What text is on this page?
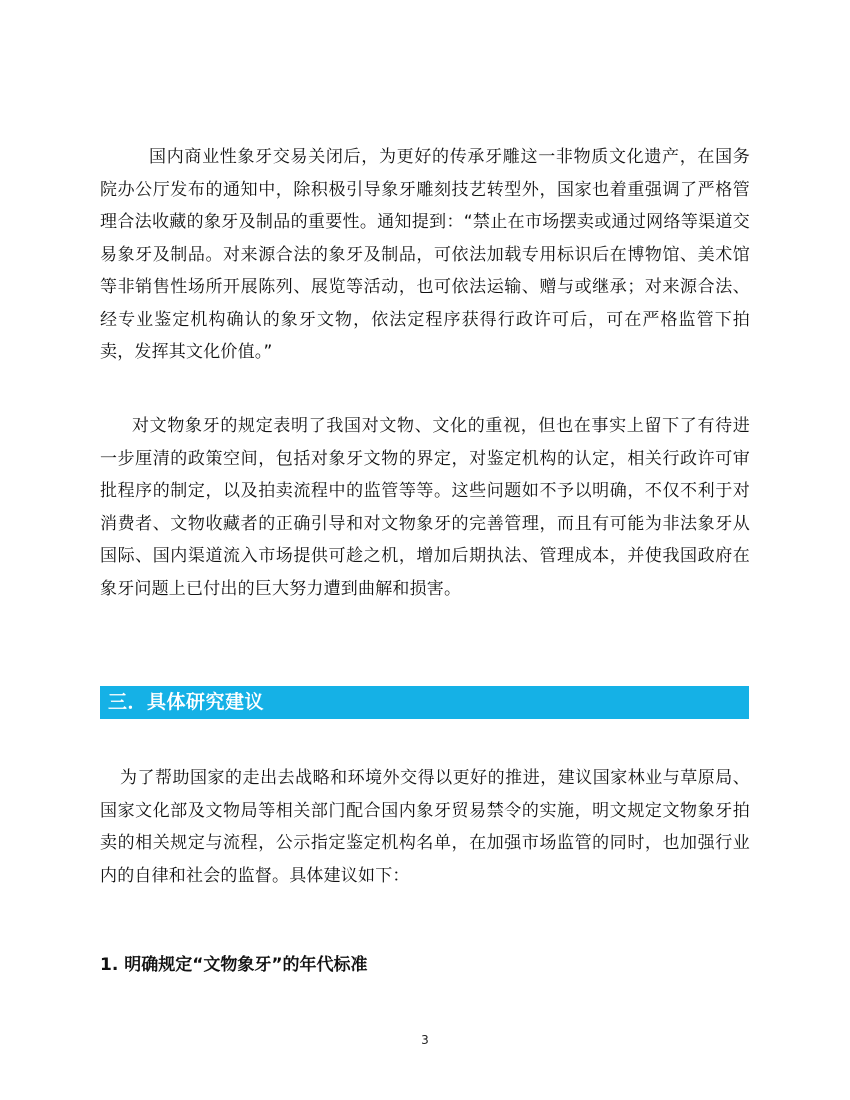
国内商业性象牙交易关闭后，为更好的传承牙雕这一非物质文化遗产，在国务院办公厅发布的通知中，除积极引导象牙雕刻技艺转型外，国家也着重强调了严格管理合法收藏的象牙及制品的重要性。通知提到：“禁止在市场摆卖或通过网络等渠道交易象牙及制品。对来源合法的象牙及制品，可依法加载专用标识后在博物馆、美术馆等非销售性场所开展陈列、展览等活动，也可依法运输、赠与或继承；对来源合法、经专业鉴定机构确认的象牙文物，依法定程序获得行政许可后，可在严格监管下拍卖，发挥其文化价值。”

对文物象牙的规定表明了我国对文物、文化的重视，但也在事实上留下了有待进一步厘清的政策空间，包括对象牙文物的界定，对鉴定机构的认定，相关行政许可审批程序的制定，以及拍卖流程中的监管等等。这些问题如不予以明确，不仅不利于对消费者、文物收藏者的正确引导和对文物象牙的完善管理，而且有可能为非法象牙从国际、国内渠道流入市场提供可趁之机，增加后期执法、管理成本，并使我国政府在象牙问题上已付出的巨大努力遭到曲解和损害。

三．具体研究建议

为了帮助国家的走出去战略和环境外交得以更好的推进，建议国家林业与草原局、国家文化部及文物局等相关部门配合国内象牙贸易禁令的实施，明文规定文物象牙拍卖的相关规定与流程，公示指定鉴定机构名单，在加强市场监管的同时，也加强行业内的自律和社会的监督。具体建议如下：

1. 明确规定“文物象牙”的年代标准
3
